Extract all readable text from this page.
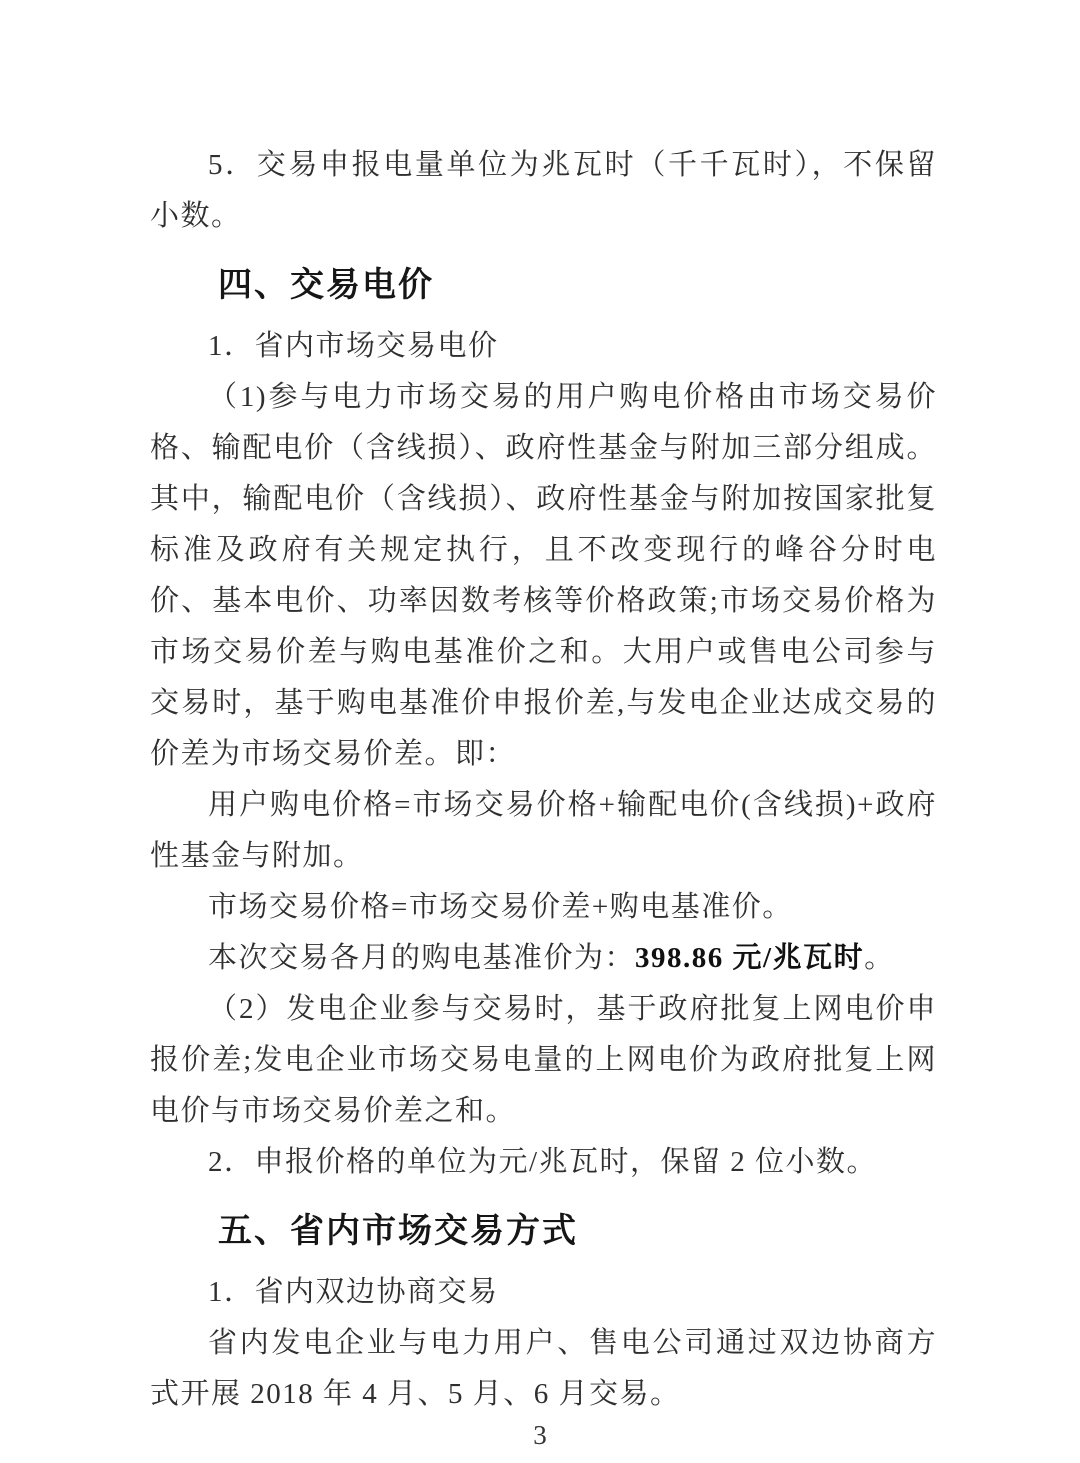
5．交易申报电量单位为兆瓦时（千千瓦时），不保留小数。

四、交易电价

1．省内市场交易电价

（1)参与电力市场交易的用户购电价格由市场交易价格、输配电价（含线损）、政府性基金与附加三部分组成。其中，输配电价（含线损）、政府性基金与附加按国家批复标准及政府有关规定执行，且不改变现行的峰谷分时电价、基本电价、功率因数考核等价格政策;市场交易价格为市场交易价差与购电基准价之和。大用户或售电公司参与交易时，基于购电基准价申报价差,与发电企业达成交易的价差为市场交易价差。即：

用户购电价格=市场交易价格+输配电价(含线损)+政府性基金与附加。

市场交易价格=市场交易价差+购电基准价。

本次交易各月的购电基准价为：398.86 元/兆瓦时。

（2）发电企业参与交易时，基于政府批复上网电价申报价差;发电企业市场交易电量的上网电价为政府批复上网电价与市场交易价差之和。

2．申报价格的单位为元/兆瓦时，保留 2 位小数。

五、省内市场交易方式

1．省内双边协商交易

省内发电企业与电力用户、售电公司通过双边协商方式开展 2018 年 4 月、5 月、6 月交易。

3
